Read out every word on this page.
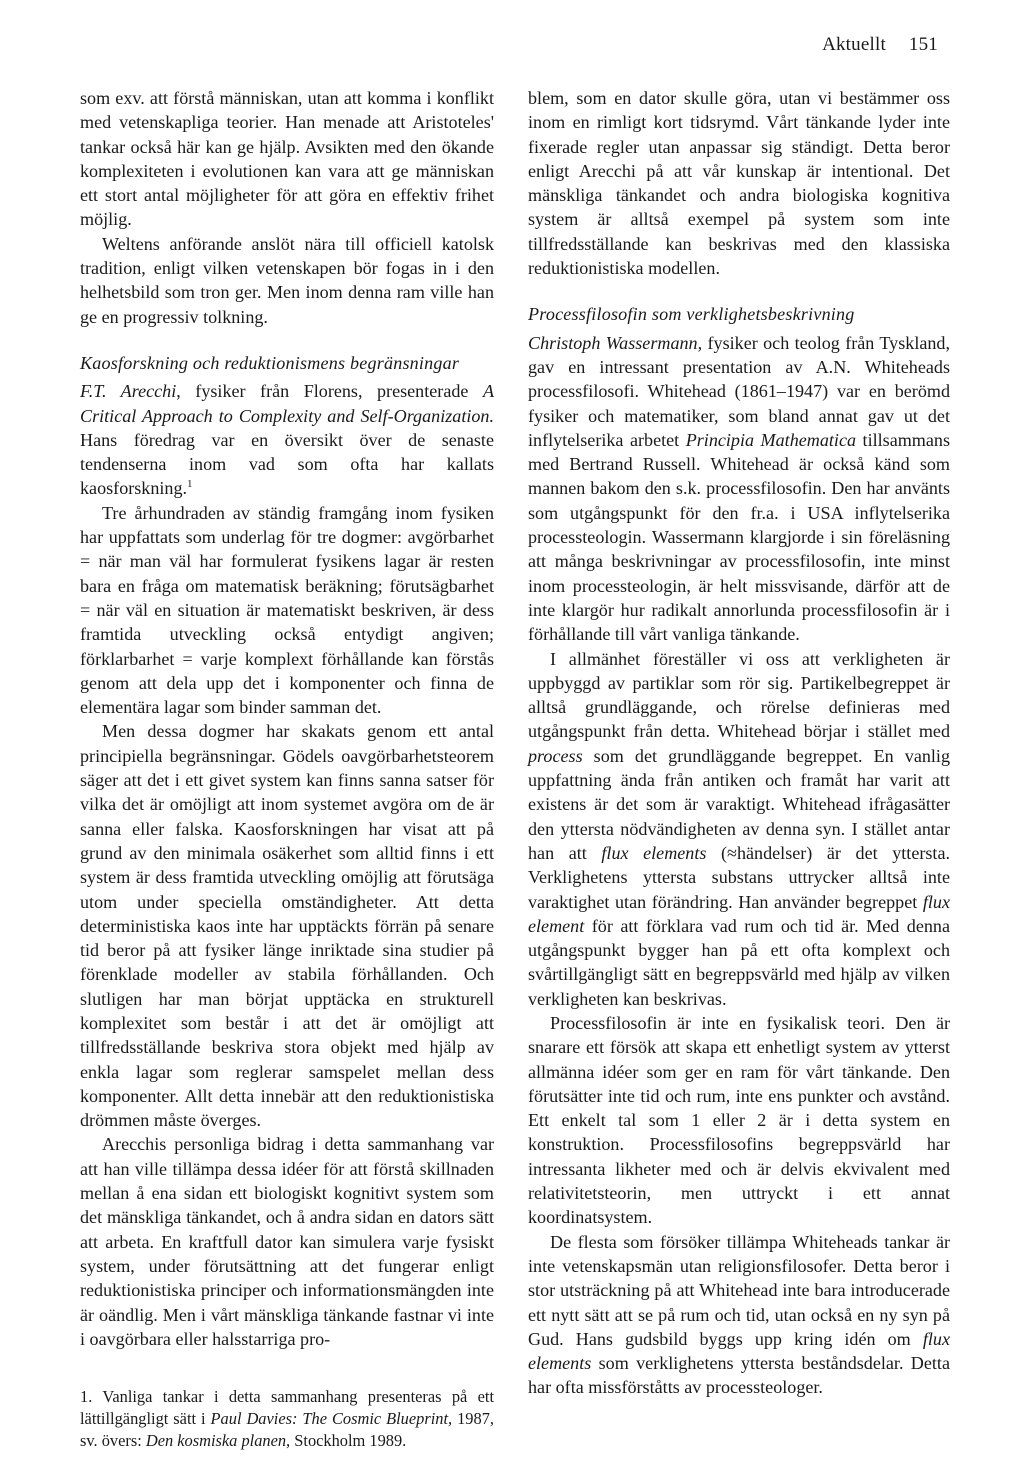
Aktuellt 151

som exv. att förstå människan, utan att komma i konflikt med vetenskapliga teorier. Han menade att Aristoteles' tankar också här kan ge hjälp. Avsikten med den ökande komplexiteten i evolutionen kan vara att ge människan ett stort antal möjligheter för att göra en effektiv frihet möjlig.

Weltens anförande anslöt nära till officiell katolsk tradition, enligt vilken vetenskapen bör fogas in i den helhetsbild som tron ger. Men inom denna ram ville han ge en progressiv tolkning.

Kaosforskning och reduktionismens begränsningar

F.T. Arecchi, fysiker från Florens, presenterade A Critical Approach to Complexity and Self-Organization. Hans föredrag var en översikt över de senaste tendenserna inom vad som ofta har kallats kaosforskning.$^1$

Tre århundraden av ständig framgång inom fysiken har uppfattats som underlag för tre dogmer: avgörbarhet = när man väl har formulerat fysikens lagar är resten bara en fråga om matematisk beräkning; förutsägbarhet = när väl en situation är matematiskt beskriven, är dess framtida utveckling också entydigt angiven; förklarbarhet = varje komplext förhållande kan förstås genom att dela upp det i komponenter och finna de elementära lagar som binder samman det.

Men dessa dogmer har skakats genom ett antal principiella begränsningar. Gödels oavgörbarhetsteorem säger att det i ett givet system kan finns sanna satser för vilka det är omöjligt att inom systemet avgöra om de är sanna eller falska. Kaosforskningen har visat att på grund av den minimala osäkerhet som alltid finns i ett system är dess framtida utveckling omöjlig att förutsäga utom under speciella omständigheter. Att detta deterministiska kaos inte har upptäckts förrän på senare tid beror på att fysiker länge inriktade sina studier på förenklade modeller av stabila förhållanden. Och slutligen har man börjat upptäcka en strukturell komplexitet som består i att det är omöjligt att tillfredsställande beskriva stora objekt med hjälp av enkla lagar som reglerar samspelet mellan dess komponenter. Allt detta innebär att den reduktionistiska drömmen måste överges.

Arecchis personliga bidrag i detta sammanhang var att han ville tillämpa dessa idéer för att förstå skillnaden mellan å ena sidan ett biologiskt kognitivt system som det mänskliga tänkandet, och å andra sidan en dators sätt att arbeta. En kraftfull dator kan simulera varje fysiskt system, under förutsättning att det fungerar enligt reduktionistiska principer och informationsmängden inte är oändlig. Men i vårt mänskliga tänkande fastnar vi inte i oavgörbara eller halsstarriga pro-

1. Vanliga tankar i detta sammanhang presenteras på ett lättillgängligt sätt i Paul Davies: The Cosmic Blueprint, 1987, sv. övers: Den kosmiska planen, Stockholm 1989.

blem, som en dator skulle göra, utan vi bestämmer oss inom en rimligt kort tidsrymd. Vårt tänkande lyder inte fixerade regler utan anpassar sig ständigt. Detta beror enligt Arecchi på att vår kunskap är intentional. Det mänskliga tänkandet och andra biologiska kognitiva system är alltså exempel på system som inte tillfredsställande kan beskrivas med den klassiska reduktionistiska modellen.

Processfilosofin som verklighetsbeskrivning

Christoph Wassermann, fysiker och teolog från Tyskland, gav en intressant presentation av A.N. Whiteheads processfilosofi. Whitehead (1861–1947) var en berömd fysiker och matematiker, som bland annat gav ut det inflytelserika arbetet Principia Mathematica tillsammans med Bertrand Russell. Whitehead är också känd som mannen bakom den s.k. processfilosofin. Den har använts som utgångspunkt för den fr.a. i USA inflytelserika processteologin. Wassermann klargjorde i sin föreläsning att många beskrivningar av processfilosofin, inte minst inom processteologin, är helt missvisande, därför att de inte klargör hur radikalt annorlunda processfilosofin är i förhållande till vårt vanliga tänkande.

I allmänhet föreställer vi oss att verkligheten är uppbyggd av partiklar som rör sig. Partikelbegreppet är alltså grundläggande, och rörelse definieras med utgångspunkt från detta. Whitehead börjar i stället med process som det grundläggande begreppet. En vanlig uppfattning ända från antiken och framåt har varit att existens är det som är varaktigt. Whitehead ifrågasätter den yttersta nödvändigheten av denna syn. I stället antar han att flux elements (≈händelser) är det yttersta. Verklighetens yttersta substans uttrycker alltså inte varaktighet utan förändring. Han använder begreppet flux element för att förklara vad rum och tid är. Med denna utgångspunkt bygger han på ett ofta komplext och svårtillgängligt sätt en begreppsvärld med hjälp av vilken verkligheten kan beskrivas.

Processfilosofin är inte en fysikalisk teori. Den är snarare ett försök att skapa ett enhetligt system av ytterst allmänna idéer som ger en ram för vårt tänkande. Den förutsätter inte tid och rum, inte ens punkter och avstånd. Ett enkelt tal som 1 eller 2 är i detta system en konstruktion. Processfilosofins begreppsvärld har intressanta likheter med och är delvis ekvivalent med relativitetsteorin, men uttryckt i ett annat koordinatsystem.

De flesta som försöker tillämpa Whiteheads tankar är inte vetenskapsmän utan religionsfilosofer. Detta beror i stor utsträckning på att Whitehead inte bara introducerade ett nytt sätt att se på rum och tid, utan också en ny syn på Gud. Hans gudsbild byggs upp kring idén om flux elements som verklighetens yttersta beståndsdelar. Detta har ofta missförståtts av processteologer.
